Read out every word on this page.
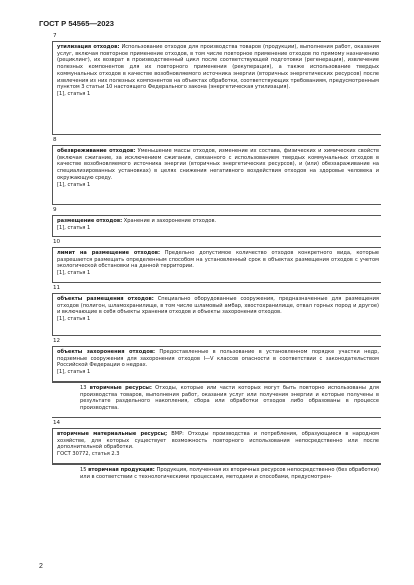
ГОСТ Р 54565—2023
7
утилизация отходов: Использование отходов для производства товаров (продукции), выполнения работ, оказания услуг, включая повторное применение отходов, в том числе повторное применение отходов по прямому назначению (рециклинг), их возврат в производственный цикл после соответствующей подготовки (регенерация), извлечение полезных компонентов для их повторного применения (рекуперация), а также использование твердых коммунальных отходов в качестве возобновляемого источника энергии (вторичных энергетических ресурсов) после извлечения из них полезных компонентов на объектах обработки, соответствующих требованиям, предусмотренным пунктом 3 статьи 10 настоящего Федерального закона (энергетическая утилизация).
[1], статья 1
8
обезвреживание отходов: Уменьшение массы отходов, изменение их состава, физических и химических свойств (включая сжигание, за исключением сжигания, связанного с использованием твердых коммунальных отходов в качестве возобновляемого источника энергии (вторичных энергетических ресурсов), и (или) обеззараживание на специализированных установках) в целях снижения негативного воздействия отходов на здоровье человека и окружающую среду.
[1], статья 1
9
размещение отходов: Хранение и захоронение отходов.
[1], статья 1
10
лимит на размещение отходов: Предельно допустимое количество отходов конкретного вида, которые разрешается размещать определенным способом на установленный срок в объектах размещения отходов с учетом экологической обстановки на данной территории.
[1], статья 1
11
объекты размещения отходов: Специально оборудованные сооружения, предназначенные для размещения отходов (полигон, шламохранилище, в том числе шламовый амбар, хвостохранилище, отвал горных пород и другое) и включающие в себя объекты хранения отходов и объекты захоронения отходов.
[1], статья 1
12
объекты захоронения отходов: Предоставленные в пользование в установленном порядке участки недр, подземные сооружения для захоронения отходов I—V классов опасности в соответствии с законодательством Российской Федерации о недрах.
[1], статья 1
13 вторичные ресурсы: Отходы, которые или части которых могут быть повторно использованы для производства товаров, выполнения работ, оказания услуг или получения энергии и которые получены в результате раздельного накопления, сбора или обработки отходов либо образованы в процессе производства.
14
вторичные материальные ресурсы; ВМР: Отходы производства и потребления, образующиеся в народном хозяйстве, для которых существует возможность повторного использования непосредственно или после дополнительной обработки.
ГОСТ 30772, статья 2.3
15 вторичная продукция: Продукция, полученная из вторичных ресурсов непосредственно (без обработки) или в соответствии с технологическими процессами, методами и способами, предусмотрен-
2
